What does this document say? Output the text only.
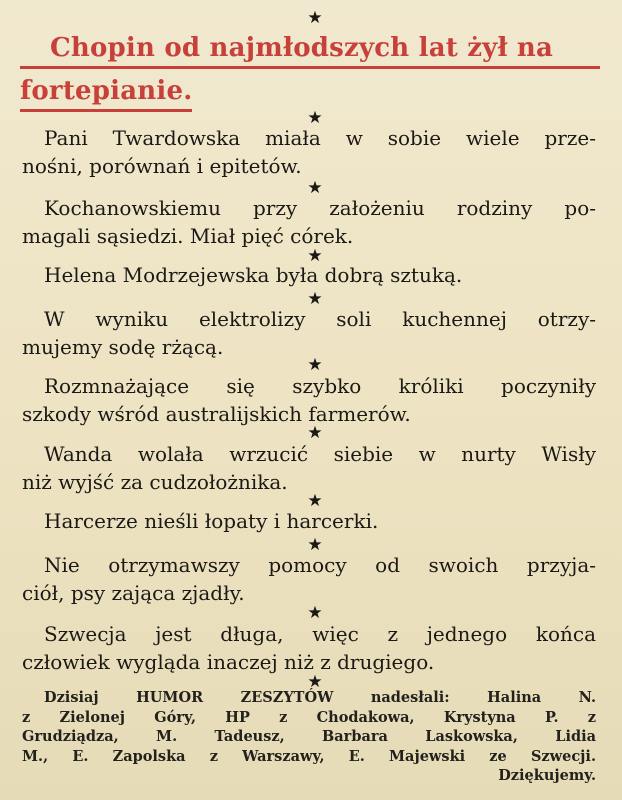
★
Chopin od najmłodszych lat żył na
fortepianie.
★
Pani Twardowska miała w sobie wiele prze-
nośni, porównań i epitetów.
★
Kochanowskiemu przy założeniu rodziny po-
magali sąsiedzi. Miał pięć córek.
★
Helena Modrzejewska była dobrą sztuką.
★
W wyniku elektrolizy soli kuchennej otrzy-
mujemy sodę rżącą.
★
Rozmnażające się szybko króliki poczyniły
szkody wśród australijskich farmerów.
★
Wanda wolała wrzucić siebie w nurty Wisły
niż wyjść za cudzołożnika.
★
Harcerze nieśli łopaty i harcerki.
★
Nie otrzymawszy pomocy od swoich przyja-
ciół, psy zająca zjadły.
★
Szwecja jest długa, więc z jednego końca
człowiek wygląda inaczej niż z drugiego.
★
Dzisiaj HUMOR ZESZYTÓW nadesłali: Halina N.
z Zielonej Góry, HP z Chodakowa, Krystyna P. z
Grudziądza, M. Tadeusz, Barbara Laskowska, Lidia
M., E. Zapolska z Warszawy, E. Majewski ze Szwecji.
Dziękujemy.
